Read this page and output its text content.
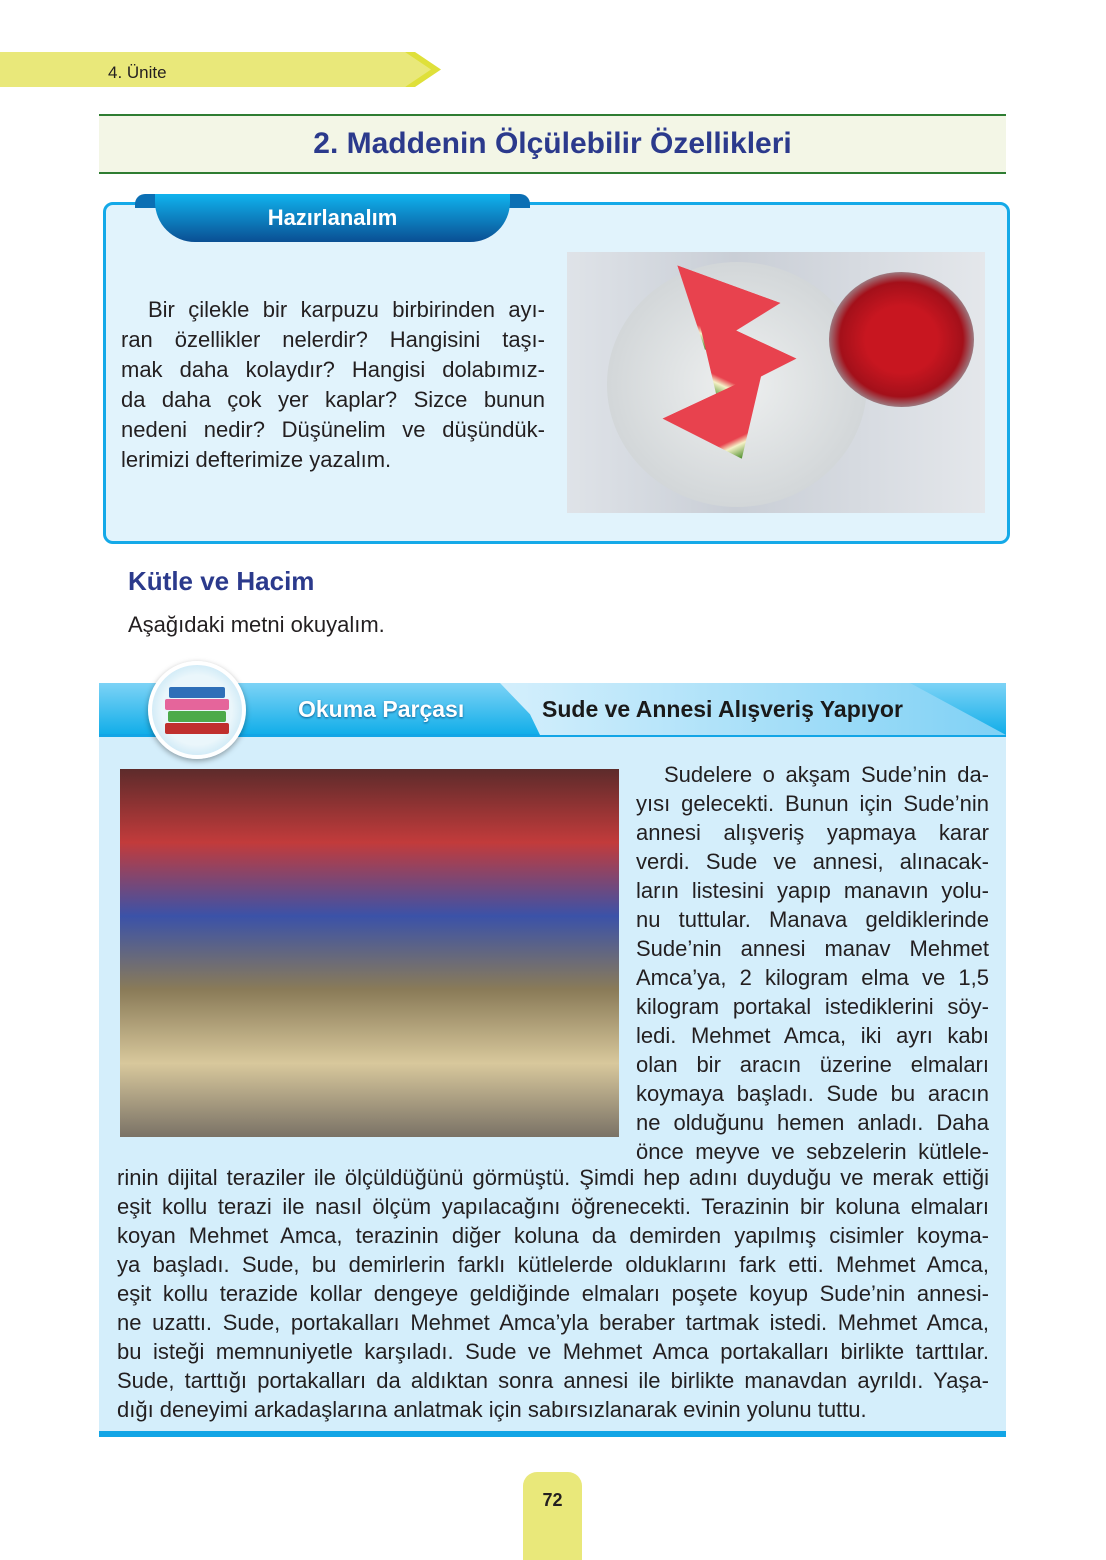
4. Ünite
2. Maddenin Ölçülebilir Özellikleri
Hazırlanalım
Bir çilekle bir karpuzu birbirinden ayı-
ran özellikler nelerdir? Hangisini taşı-
mak daha kolaydır? Hangisi dolabımız-
da daha çok yer kaplar? Sizce bunun
nedeni nedir? Düşünelim ve düşündük-
lerimizi defterimize yazalım.
Kütle ve Hacim
Aşağıdaki metni okuyalım.
Okuma Parçası	Sude ve Annesi Alışveriş Yapıyor
Sudelere o akşam Sude’nin da-
yısı gelecekti. Bunun için Sude’nin
annesi alışveriş yapmaya karar
verdi. Sude ve annesi, alınacak-
ların listesini yapıp manavın yolu-
nu tuttular. Manava geldiklerinde
Sude’nin annesi manav Mehmet
Amca’ya, 2 kilogram elma ve 1,5
kilogram portakal istediklerini söy-
ledi. Mehmet Amca, iki ayrı kabı
olan bir aracın üzerine elmaları
koymaya başladı. Sude bu aracın
ne olduğunu hemen anladı. Daha
önce meyve ve sebzelerin kütlele-
rinin dijital teraziler ile ölçüldüğünü görmüştü. Şimdi hep adını duyduğu ve merak ettiği
eşit kollu terazi ile nasıl ölçüm yapılacağını öğrenecekti. Terazinin bir koluna elmaları
koyan Mehmet Amca, terazinin diğer koluna da demirden yapılmış cisimler koyma-
ya başladı. Sude, bu demirlerin farklı kütlelerde olduklarını fark etti. Mehmet Amca,
eşit kollu terazide kollar dengeye geldiğinde elmaları poşete koyup Sude’nin annesi-
ne uzattı. Sude, portakalları Mehmet Amca’yla beraber tartmak istedi. Mehmet Amca,
bu isteği memnuniyetle karşıladı. Sude ve Mehmet Amca portakalları birlikte tarttılar.
Sude, tarttığı portakalları da aldıktan sonra annesi ile birlikte manavdan ayrıldı. Yaşa-
dığı deneyimi arkadaşlarına anlatmak için sabırsızlanarak evinin yolunu tuttu.
72
